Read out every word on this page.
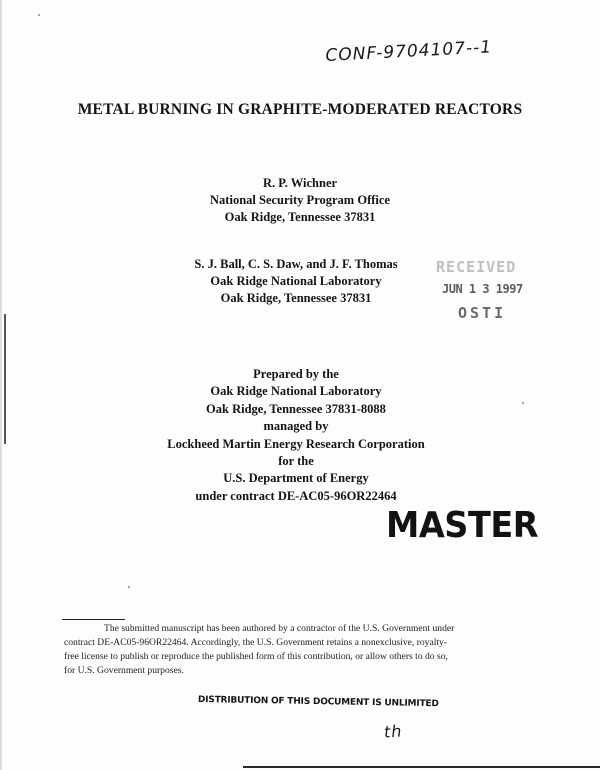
CONF-9704107--1
METAL BURNING IN GRAPHITE-MODERATED REACTORS
R. P. Wichner
National Security Program Office
Oak Ridge, Tennessee 37831
S. J. Ball, C. S. Daw, and J. F. Thomas
Oak Ridge National Laboratory
Oak Ridge, Tennessee 37831
RECEIVED
JUN 1 3 1997
OSTI
Prepared by the
Oak Ridge National Laboratory
Oak Ridge, Tennessee 37831-8088
managed by
Lockheed Martin Energy Research Corporation
for the
U.S. Department of Energy
under contract DE-AC05-96OR22464
MASTER
The submitted manuscript has been authored by a contractor of the U.S. Government under
contract DE-AC05-96OR22464. Accordingly, the U.S. Government retains a nonexclusive, royalty-
free license to publish or reproduce the published form of this contribution, or allow others to do so,
for U.S. Government purposes.
DISTRIBUTION OF THIS DOCUMENT IS UNLIMITED
th
